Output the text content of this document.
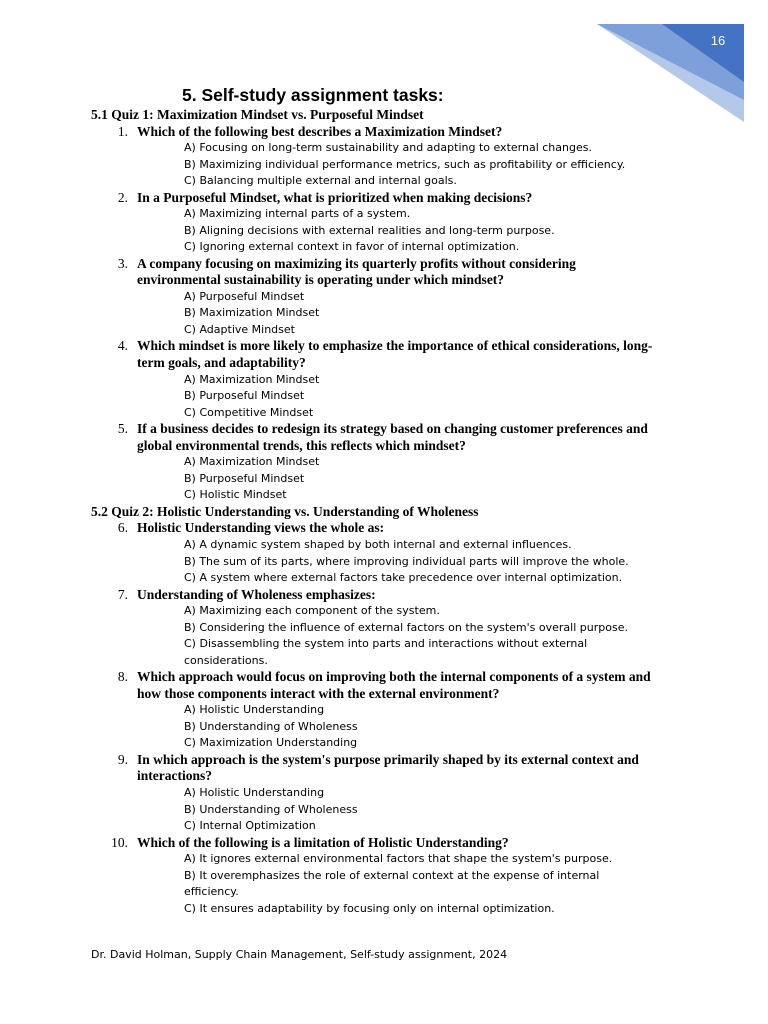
16
5. Self-study assignment tasks:
5.1 Quiz 1: Maximization Mindset vs. Purposeful Mindset
1. Which of the following best describes a Maximization Mindset?
A) Focusing on long-term sustainability and adapting to external changes.
B) Maximizing individual performance metrics, such as profitability or efficiency.
C) Balancing multiple external and internal goals.
2. In a Purposeful Mindset, what is prioritized when making decisions?
A) Maximizing internal parts of a system.
B) Aligning decisions with external realities and long-term purpose.
C) Ignoring external context in favor of internal optimization.
3. A company focusing on maximizing its quarterly profits without considering environmental sustainability is operating under which mindset?
A) Purposeful Mindset
B) Maximization Mindset
C) Adaptive Mindset
4. Which mindset is more likely to emphasize the importance of ethical considerations, long-term goals, and adaptability?
A) Maximization Mindset
B) Purposeful Mindset
C) Competitive Mindset
5. If a business decides to redesign its strategy based on changing customer preferences and global environmental trends, this reflects which mindset?
A) Maximization Mindset
B) Purposeful Mindset
C) Holistic Mindset
5.2 Quiz 2: Holistic Understanding vs. Understanding of Wholeness
6. Holistic Understanding views the whole as:
A) A dynamic system shaped by both internal and external influences.
B) The sum of its parts, where improving individual parts will improve the whole.
C) A system where external factors take precedence over internal optimization.
7. Understanding of Wholeness emphasizes:
A) Maximizing each component of the system.
B) Considering the influence of external factors on the system's overall purpose.
C) Disassembling the system into parts and interactions without external considerations.
8. Which approach would focus on improving both the internal components of a system and how those components interact with the external environment?
A) Holistic Understanding
B) Understanding of Wholeness
C) Maximization Understanding
9. In which approach is the system's purpose primarily shaped by its external context and interactions?
A) Holistic Understanding
B) Understanding of Wholeness
C) Internal Optimization
10. Which of the following is a limitation of Holistic Understanding?
A) It ignores external environmental factors that shape the system's purpose.
B) It overemphasizes the role of external context at the expense of internal efficiency.
C) It ensures adaptability by focusing only on internal optimization.
Dr. David Holman, Supply Chain Management, Self-study assignment, 2024
